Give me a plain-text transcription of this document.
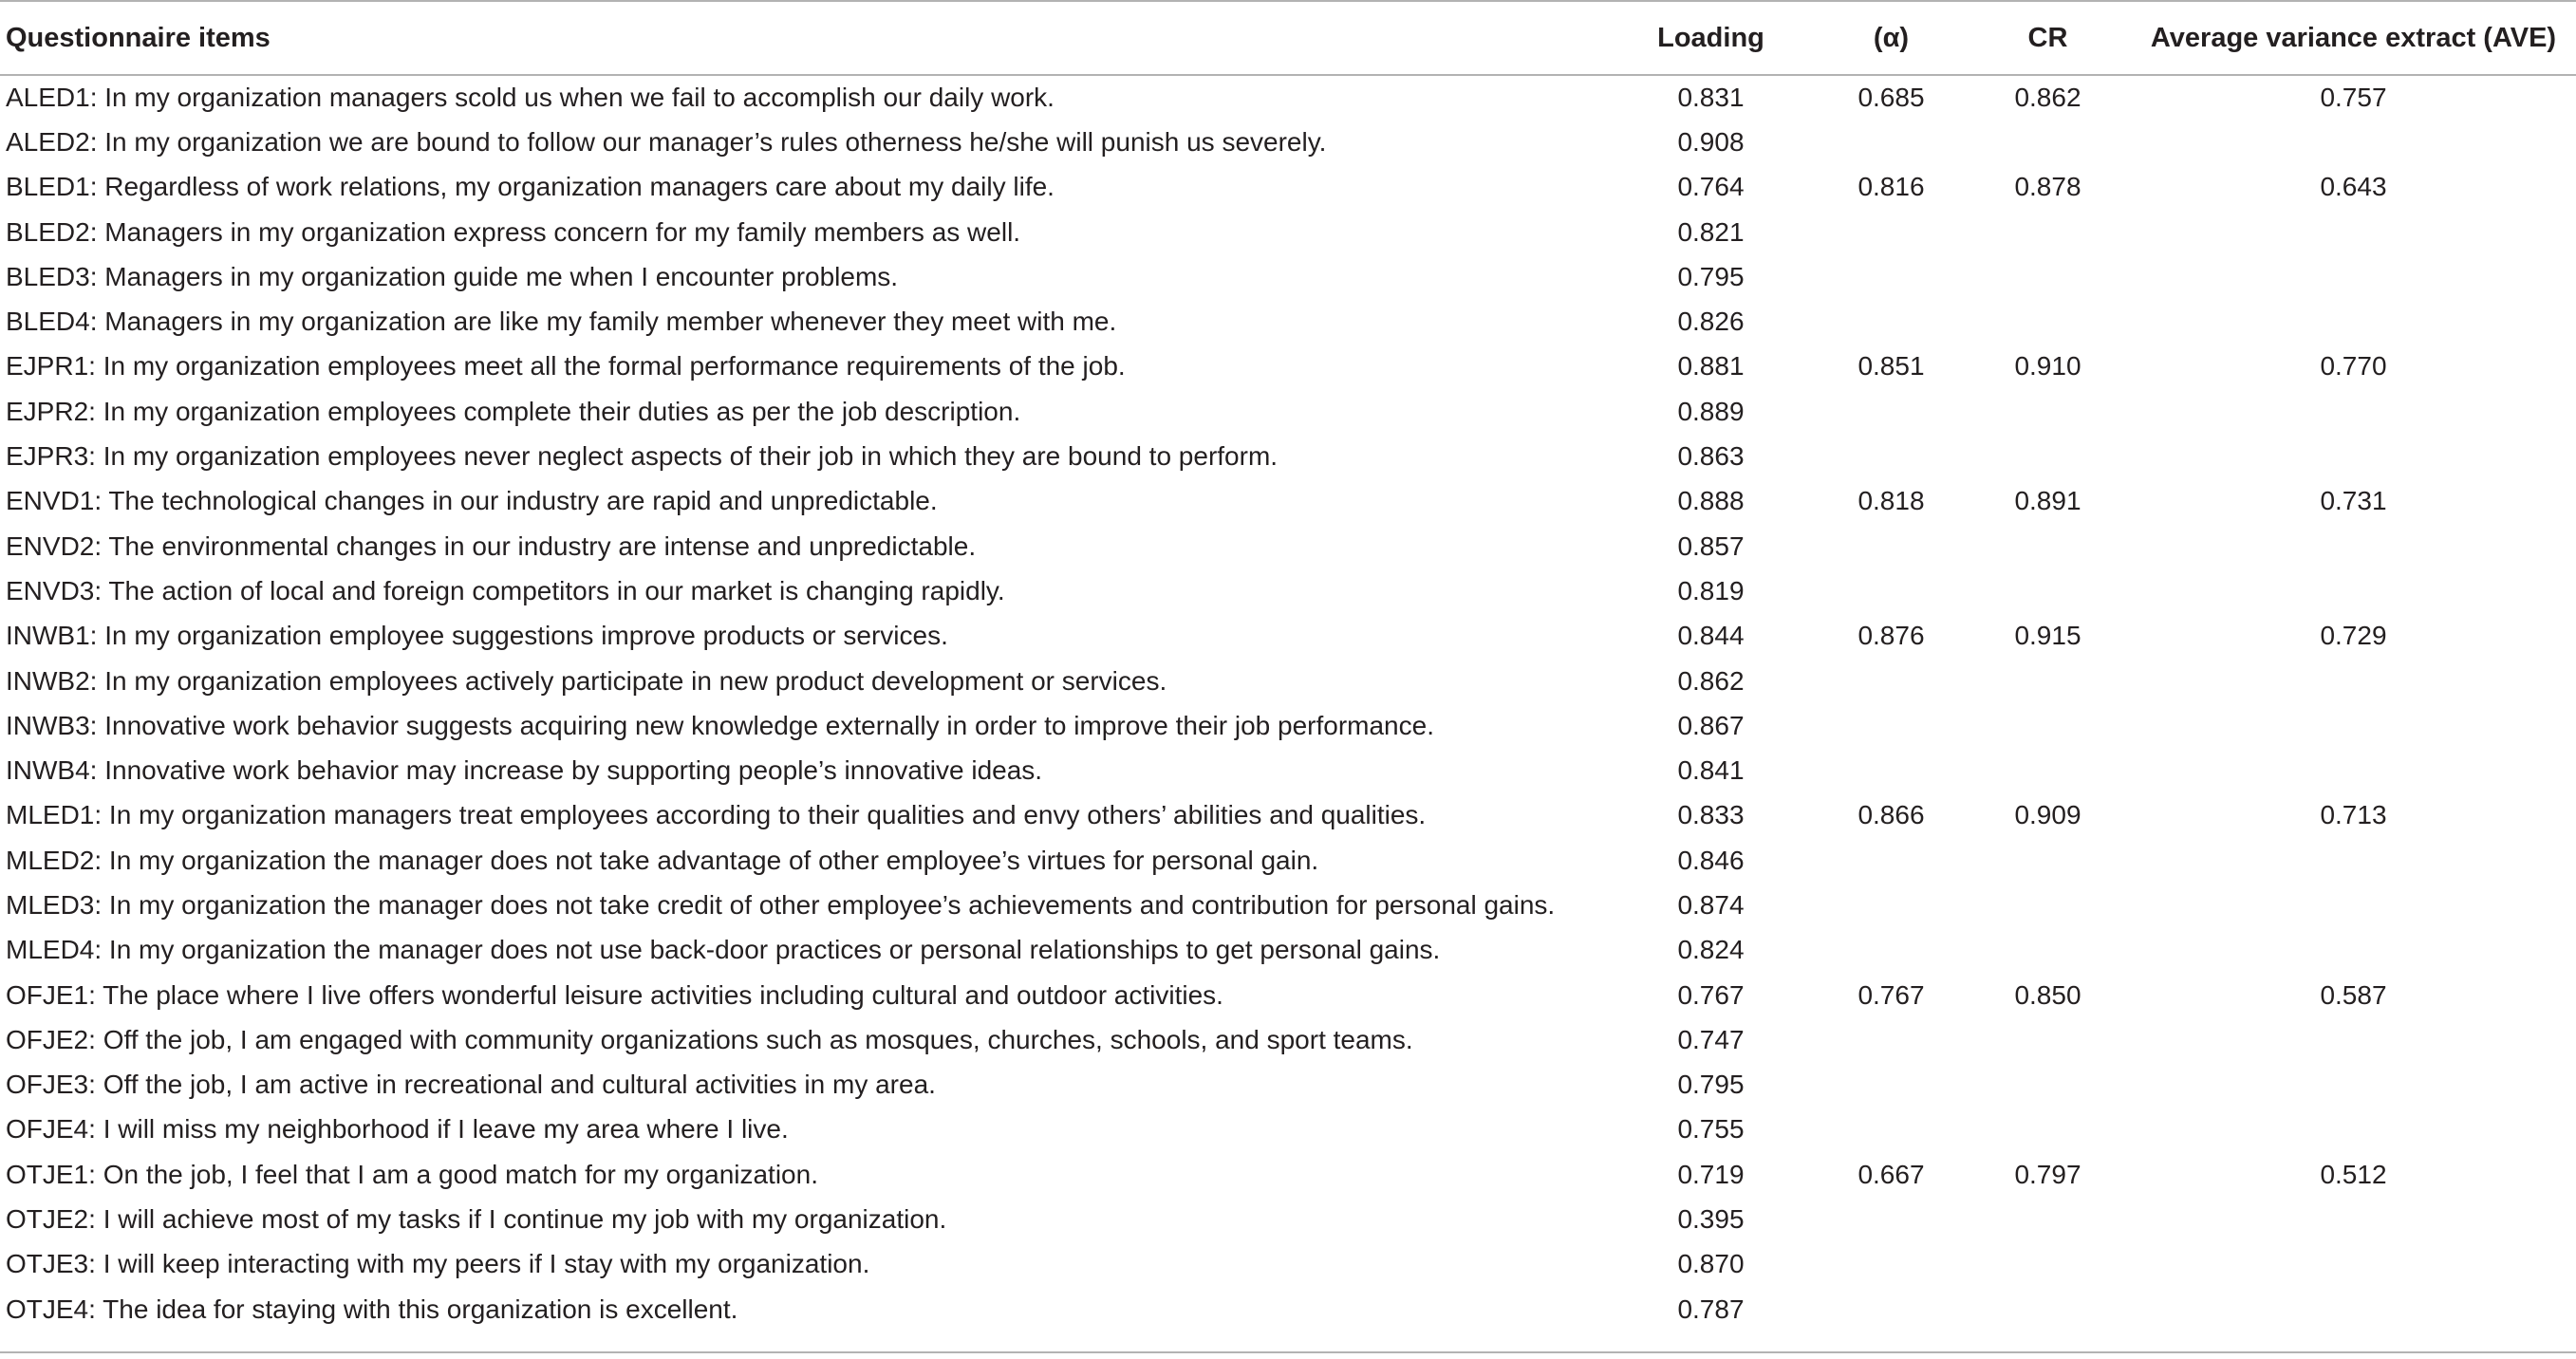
Questionnaire items	Loading	(α)	CR	Average variance extract (AVE)
ALED1: In my organization managers scold us when we fail to accomplish our daily work.	0.831	0.685	0.862	0.757
ALED2: In my organization we are bound to follow our manager’s rules otherness he/she will punish us severely.	0.908			
BLED1: Regardless of work relations, my organization managers care about my daily life.	0.764	0.816	0.878	0.643
BLED2: Managers in my organization express concern for my family members as well.	0.821			
BLED3: Managers in my organization guide me when I encounter problems.	0.795			
BLED4: Managers in my organization are like my family member whenever they meet with me.	0.826			
EJPR1: In my organization employees meet all the formal performance requirements of the job.	0.881	0.851	0.910	0.770
EJPR2: In my organization employees complete their duties as per the job description.	0.889			
EJPR3: In my organization employees never neglect aspects of their job in which they are bound to perform.	0.863			
ENVD1: The technological changes in our industry are rapid and unpredictable.	0.888	0.818	0.891	0.731
ENVD2: The environmental changes in our industry are intense and unpredictable.	0.857			
ENVD3: The action of local and foreign competitors in our market is changing rapidly.	0.819			
INWB1: In my organization employee suggestions improve products or services.	0.844	0.876	0.915	0.729
INWB2: In my organization employees actively participate in new product development or services.	0.862			
INWB3: Innovative work behavior suggests acquiring new knowledge externally in order to improve their job performance.	0.867			
INWB4: Innovative work behavior may increase by supporting people’s innovative ideas.	0.841			
MLED1: In my organization managers treat employees according to their qualities and envy others’ abilities and qualities.	0.833	0.866	0.909	0.713
MLED2: In my organization the manager does not take advantage of other employee’s virtues for personal gain.	0.846			
MLED3: In my organization the manager does not take credit of other employee’s achievements and contribution for personal gains.	0.874			
MLED4: In my organization the manager does not use back-door practices or personal relationships to get personal gains.	0.824			
OFJE1: The place where I live offers wonderful leisure activities including cultural and outdoor activities.	0.767	0.767	0.850	0.587
OFJE2: Off the job, I am engaged with community organizations such as mosques, churches, schools, and sport teams.	0.747			
OFJE3: Off the job, I am active in recreational and cultural activities in my area.	0.795			
OFJE4: I will miss my neighborhood if I leave my area where I live.	0.755			
OTJE1: On the job, I feel that I am a good match for my organization.	0.719	0.667	0.797	0.512
OTJE2: I will achieve most of my tasks if I continue my job with my organization.	0.395			
OTJE3: I will keep interacting with my peers if I stay with my organization.	0.870			
OTJE4: The idea for staying with this organization is excellent.	0.787			
